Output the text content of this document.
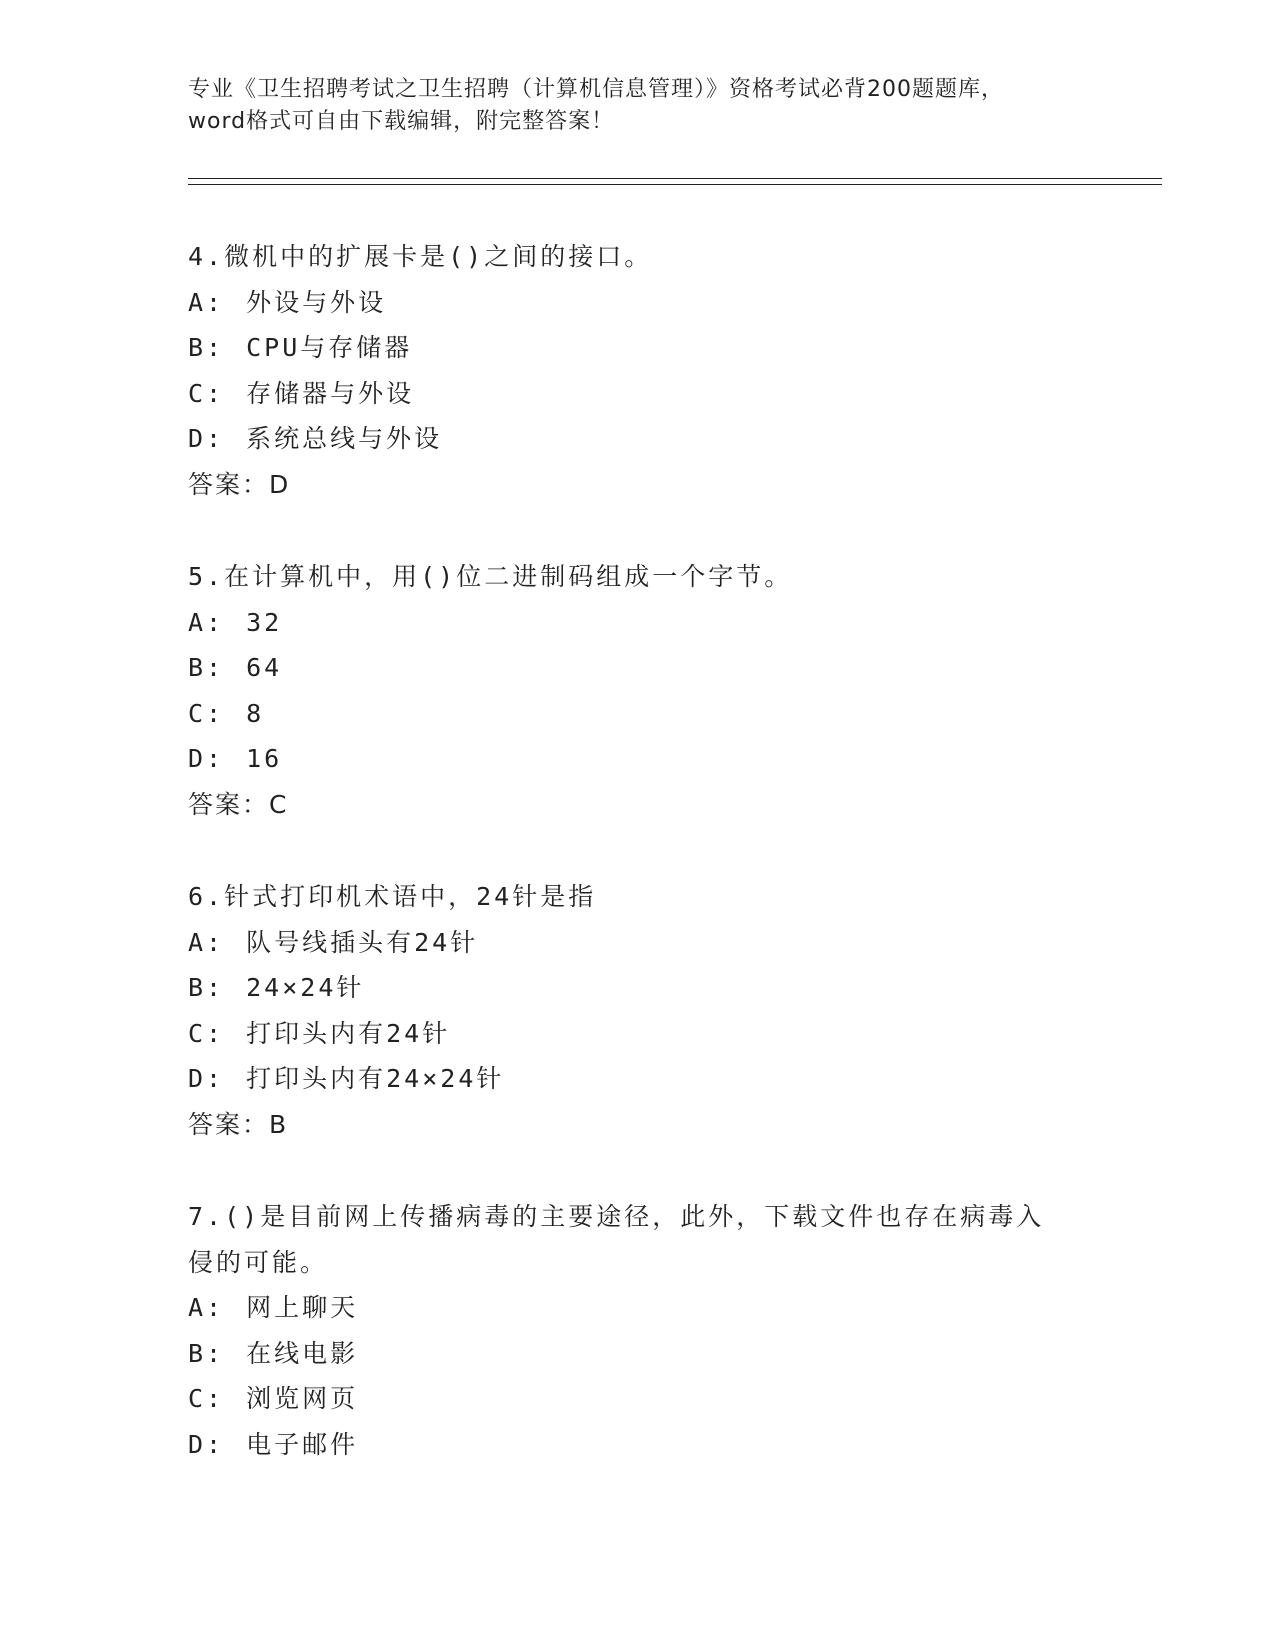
专业《卫生招聘考试之卫生招聘（计算机信息管理）》资格考试必背200题题库，
word格式可自由下载编辑，附完整答案！
4.微机中的扩展卡是()之间的接口。
A: 外设与外设
B: CPU与存储器
C: 存储器与外设
D: 系统总线与外设
答案：D
5.在计算机中，用()位二进制码组成一个字节。
A: 32
B: 64
C: 8
D: 16
答案：C
6.针式打印机术语中，24针是指
A: 队号线插头有24针
B: 24×24针
C: 打印头内有24针
D: 打印头内有24×24针
答案：B
7.()是目前网上传播病毒的主要途径，此外，下载文件也存在病毒入
侵的可能。
A: 网上聊天
B: 在线电影
C: 浏览网页
D: 电子邮件
